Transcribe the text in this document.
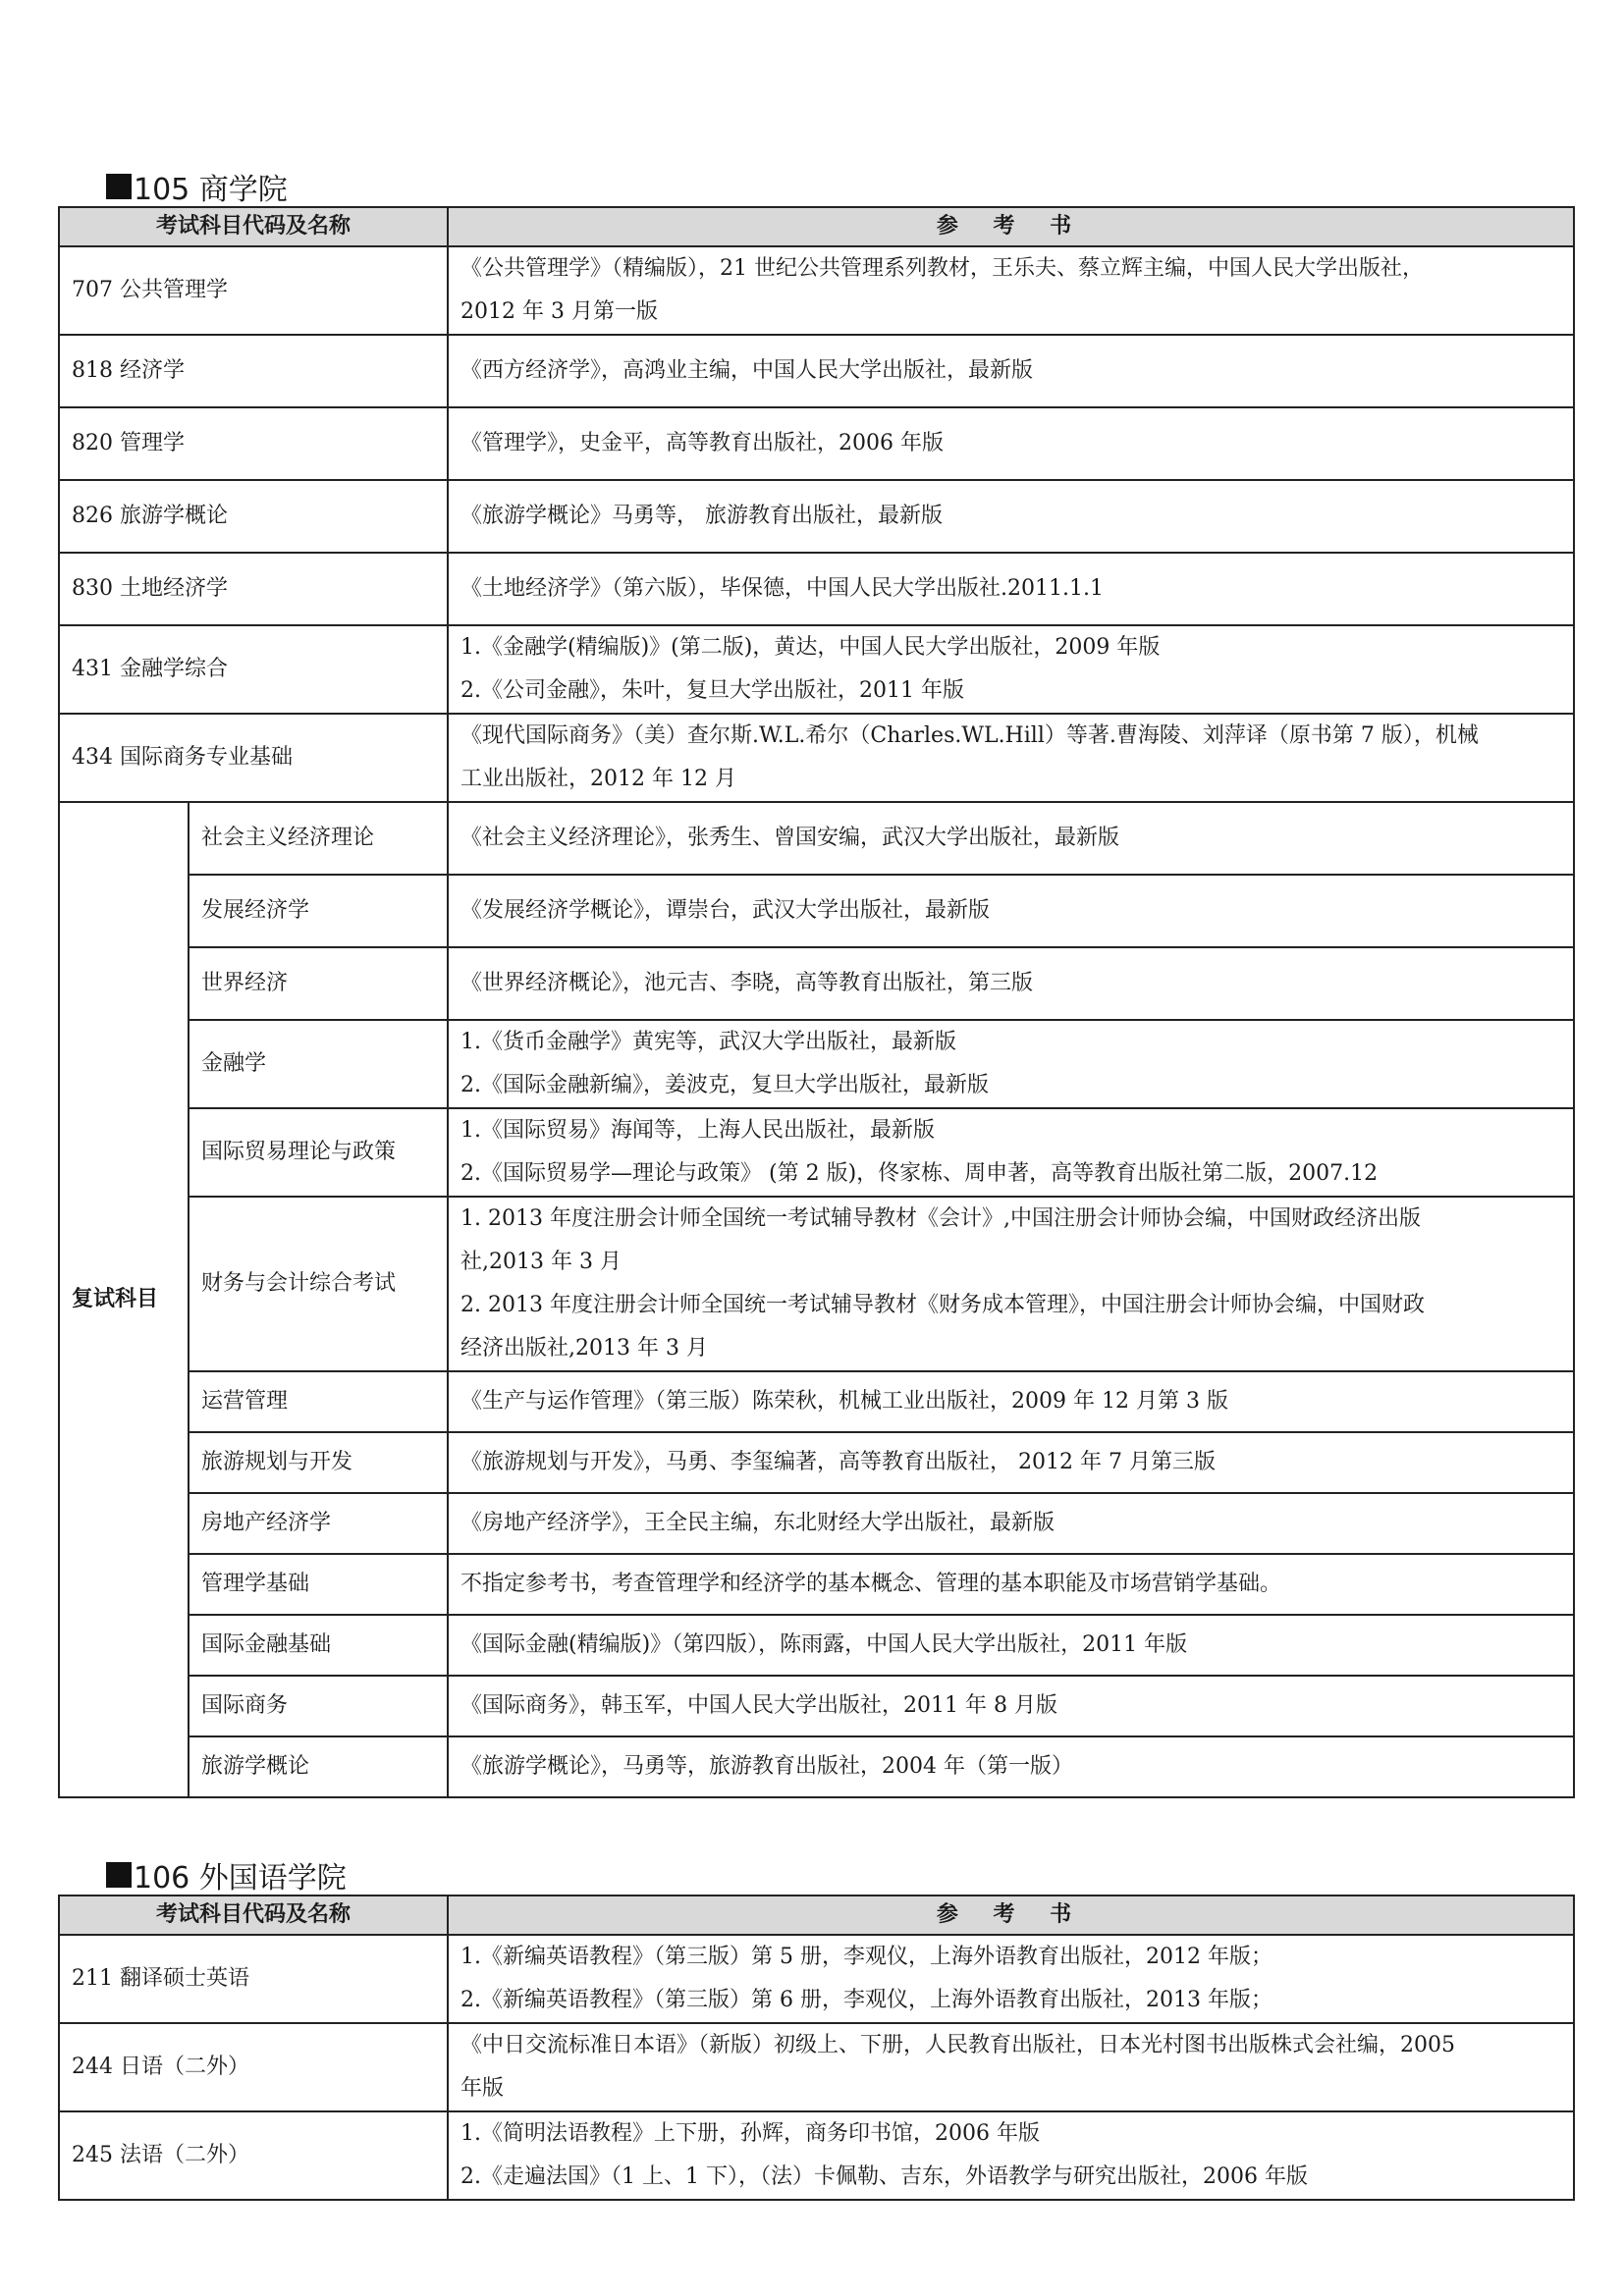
105 商学院
考试科目代码及名称		参 考 书
707 公共管理学		《公共管理学》（精编版），21 世纪公共管理系列教材，王乐夫、蔡立辉主编，中国人民大学出版社，
2012 年 3 月第一版

818 经济学		《西方经济学》，高鸿业主编，中国人民大学出版社，最新版

820 管理学		《管理学》，史金平，高等教育出版社，2006 年版

826 旅游学概论		《旅游学概论》马勇等， 旅游教育出版社，最新版

830 土地经济学		《土地经济学》（第六版），毕保德，中国人民大学出版社.2011.1.1

431 金融学综合		1.《金融学(精编版)》(第二版)，黄达，中国人民大学出版社，2009 年版
2.《公司金融》，朱叶，复旦大学出版社，2011 年版

434 国际商务专业基础		《现代国际商务》（美）查尔斯.W.L.希尔（Charles.WL.Hill）等著.曹海陵、刘萍译（原书第 7 版），机械
工业出版社，2012 年 12 月

复试科目	社会主义经济理论	《社会主义经济理论》，张秀生、曾国安编，武汉大学出版社，最新版

	发展经济学	《发展经济学概论》，谭崇台，武汉大学出版社，最新版

	世界经济	《世界经济概论》，池元吉、李晓，高等教育出版社，第三版

	金融学	1.《货币金融学》黄宪等，武汉大学出版社，最新版
2.《国际金融新编》，姜波克，复旦大学出版社，最新版

	国际贸易理论与政策	1.《国际贸易》海闻等，上海人民出版社，最新版
2.《国际贸易学—理论与政策》 (第 2 版)，佟家栋、周申著，高等教育出版社第二版，2007.12

	财务与会计综合考试	1. 2013 年度注册会计师全国统一考试辅导教材《会计》,中国注册会计师协会编，中国财政经济出版
社,2013 年 3 月
2. 2013 年度注册会计师全国统一考试辅导教材《财务成本管理》，中国注册会计师协会编，中国财政
经济出版社,2013 年 3 月

	运营管理	《生产与运作管理》（第三版）陈荣秋，机械工业出版社，2009 年 12 月第 3 版

	旅游规划与开发	《旅游规划与开发》，马勇、李玺编著，高等教育出版社， 2012 年 7 月第三版

	房地产经济学	《房地产经济学》，王全民主编，东北财经大学出版社，最新版

	管理学基础	不指定参考书，考查管理学和经济学的基本概念、管理的基本职能及市场营销学基础。

	国际金融基础	《国际金融(精编版)》（第四版），陈雨露，中国人民大学出版社，2011 年版

	国际商务	《国际商务》，韩玉军，中国人民大学出版社，2011 年 8 月版

	旅游学概论	《旅游学概论》，马勇等，旅游教育出版社，2004 年（第一版）
106 外国语学院
考试科目代码及名称	参 考 书
211 翻译硕士英语	1.《新编英语教程》（第三版）第 5 册，李观仪，上海外语教育出版社，2012 年版；
2.《新编英语教程》（第三版）第 6 册，李观仪，上海外语教育出版社，2013 年版；

244 日语（二外）	《中日交流标准日本语》（新版）初级上、下册，人民教育出版社，日本光村图书出版株式会社编，2005
年版

245 法语（二外）	1.《简明法语教程》上下册，孙辉，商务印书馆，2006 年版
2.《走遍法国》（1 上、1 下），（法）卡佩勒、吉东，外语教学与研究出版社，2006 年版
